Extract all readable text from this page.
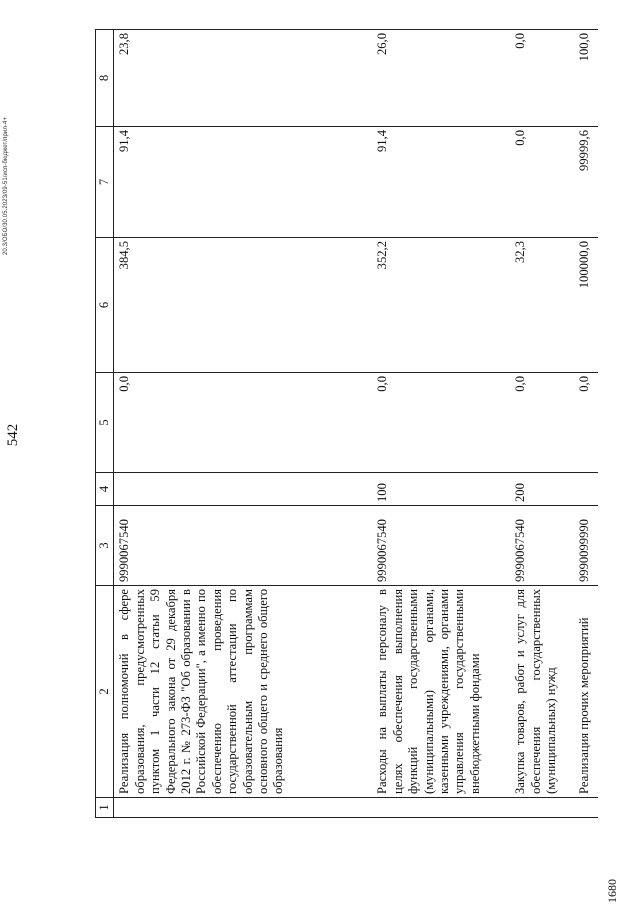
542
20.3/ОБО/30.05.2023/09-51/исп-бюджет/прил-4+
1	2	3	4	5	6	7	8
	Реализация полномочий в сфере образования, предусмотренных пунктом 1 части 12 статьи 59 Федерального закона от 29 декабря 2012 г. № 273-ФЗ "Об образовании в Российской Федерации", а именно по обеспечению проведения государственной аттестации по образовательным программам основного общего и среднего общего образования	9990067540		0,0	384,5	91,4	23,8
	Расходы на выплаты персоналу в целях обеспечения выполнения функций государственными (муниципальными) органами, казенными учреждениями, органами управления государственными внебюджетными фондами	9990067540	100	0,0	352,2	91,4	26,0
	Закупка товаров, работ и услуг для обеспечения государственных (муниципальных) нужд	9990067540	200	0,0	32,3	0,0	0,0
	Реализация прочих мероприятий	9990099990		0,0	100000,0	99999,6	100,0
1680
